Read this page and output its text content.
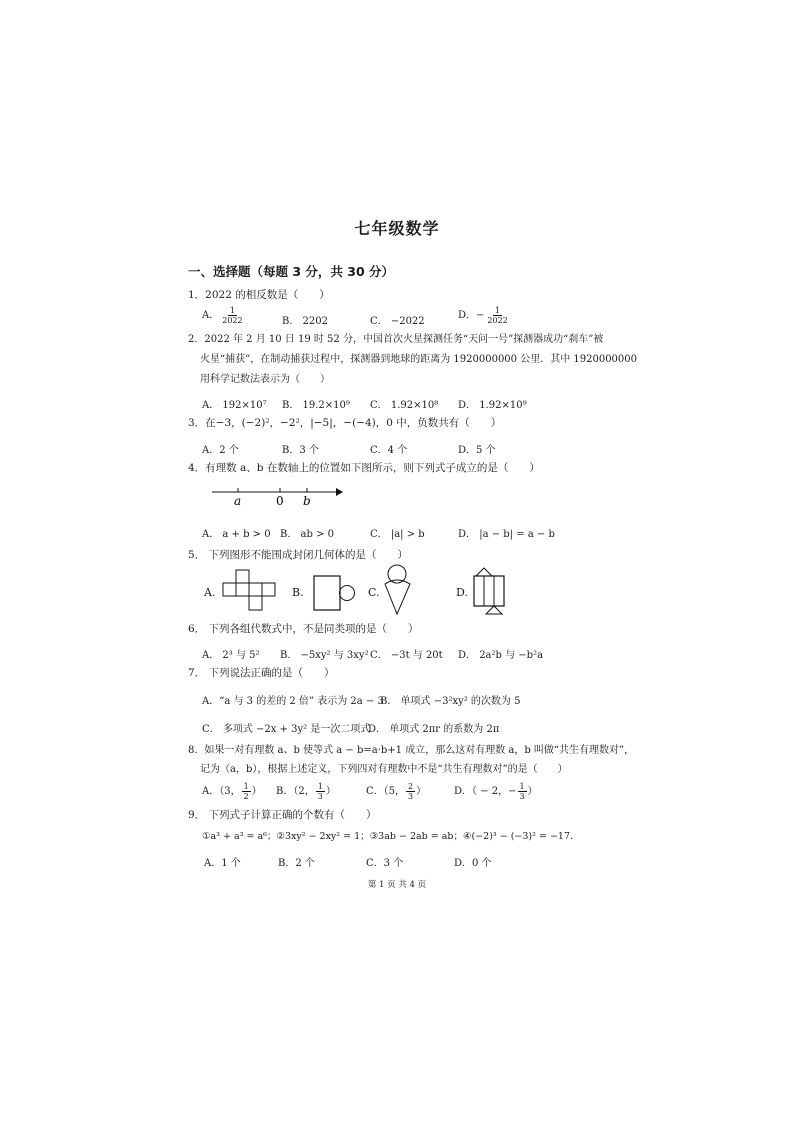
七年级数学
一、选择题（每题 3 分，共 30 分）
1．2022 的相反数是（　　）
A． $\frac{1}{2022}$	B． 2202	C． −2022
D．− $\frac{1}{2022}$
2．2022 年 2 月 10 日 19 时 52 分，中国首次火星探测任务“天问一号”探测器成功“刹车”被
火星“捕获”，在制动捕获过程中，探测器到地球的距离为 1920000000 公里．其中 1920000000
用科学记数法表示为（　　）
A． 192×10⁷ B． 19.2×10⁹ C． 1.92×10⁸ D． 1.92×10⁹
3．在−3，(−2)²，−2²，|−5|，−(−4)，0 中，负数共有（　　）
A．2 个	B．3 个	C．4 个	D．5 个
4．有理数 a、b 在数轴上的位置如下图所示，则下列式子成立的是（　　）
a	0 b
A． a + b > 0 B． ab > 0	C． |a| > b	D． |a − b| = a − b
5． 下列图形不能围成封闭几何体的是（　　）
A.	B.	C.	D.
6． 下列各组代数式中，不是同类项的是（　　）
A． 2³ 与 5² B． −5xy² 与 3xy² C． −3t 与 20t D． 2a²b 与 −b²a
7． 下列说法正确的是（　　）
A．“a 与 3 的差的 2 倍” 表示为 2a − 3
B． 单项式 −3²xy² 的次数为 5
C． 多项式 −2x + 3y² 是一次二项式
D． 单项式 2πr 的系数为 2π
8．如果一对有理数 a、b 使等式 a − b=a·b+1 成立，那么这对有理数 a，b 叫做“共生有理数对”，
记为（a，b），根据上述定义，下列四对有理数中不是“共生有理数对”的是（　　）
A．（3， $\frac{1}{2}$ ） B．（2， $\frac{1}{3}$ ）	C．（5， $\frac{2}{3}$ ）	D．（ − 2，− $\frac{1}{3}$ ）
9． 下列式子计算正确的个数有（　　）
①a³ + a³ = a⁶；②3xy² − 2xy² = 1；③3ab − 2ab = ab；④(−2)³ − (−3)² = −17．
A．1 个	B．2 个	C．3 个	D．0 个
第 1 页 共 4 页
